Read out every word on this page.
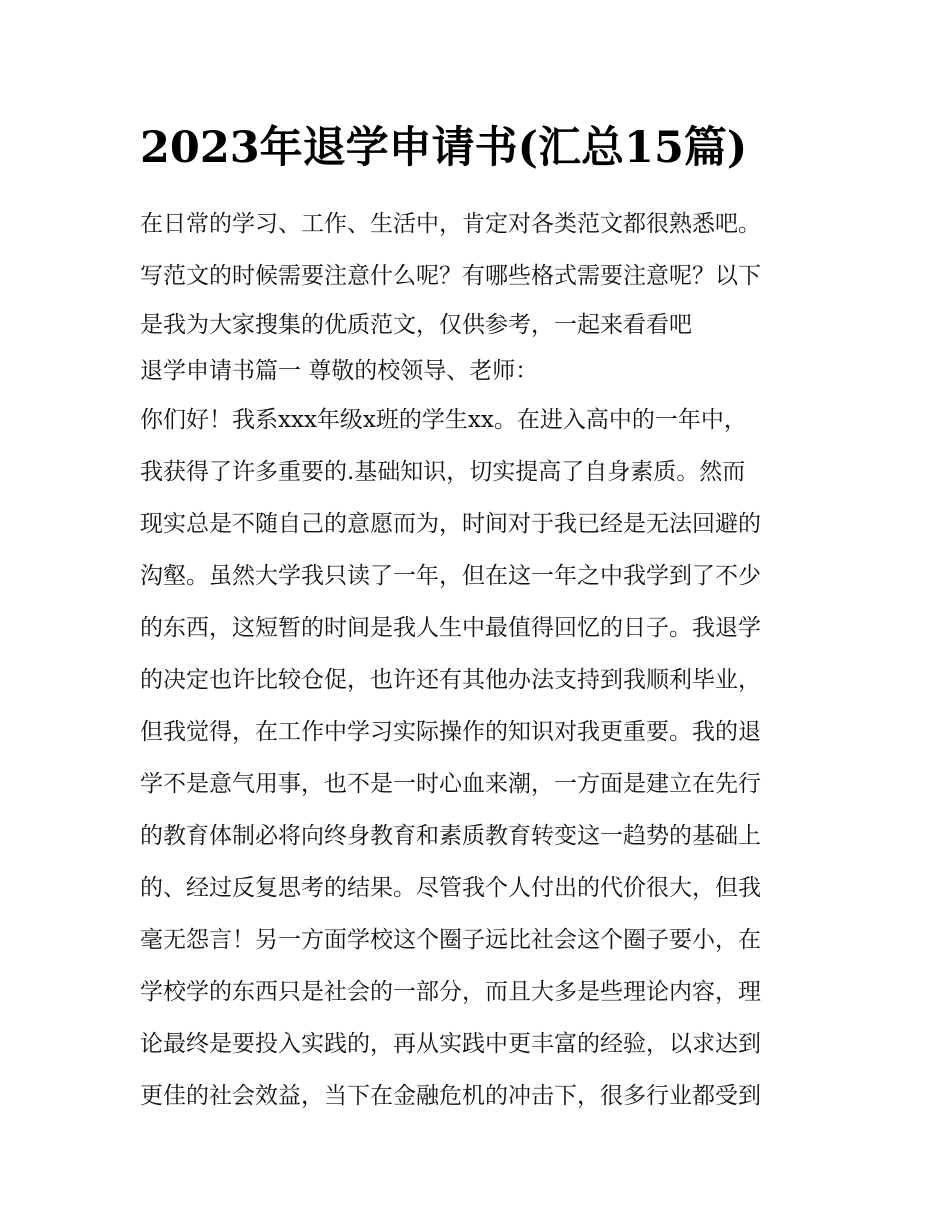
2023年退学申请书(汇总15篇)
在日常的学习、工作、生活中，肯定对各类范文都很熟悉吧。
写范文的时候需要注意什么呢？有哪些格式需要注意呢？以下
是我为大家搜集的优质范文，仅供参考，一起来看看吧
退学申请书篇一 尊敬的校领导、老师：
你们好！我系xxx年级x班的学生xx。在进入高中的一年中，
我获得了许多重要的.基础知识，切实提高了自身素质。然而
现实总是不随自己的意愿而为，时间对于我已经是无法回避的
沟壑。虽然大学我只读了一年，但在这一年之中我学到了不少
的东西，这短暂的时间是我人生中最值得回忆的日子。我退学
的决定也许比较仓促，也许还有其他办法支持到我顺利毕业，
但我觉得，在工作中学习实际操作的知识对我更重要。我的退
学不是意气用事，也不是一时心血来潮，一方面是建立在先行
的教育体制必将向终身教育和素质教育转变这一趋势的基础上
的、经过反复思考的结果。尽管我个人付出的代价很大，但我
毫无怨言！另一方面学校这个圈子远比社会这个圈子要小，在
学校学的东西只是社会的一部分，而且大多是些理论内容，理
论最终是要投入实践的，再从实践中更丰富的经验，以求达到
更佳的社会效益，当下在金融危机的冲击下，很多行业都受到
